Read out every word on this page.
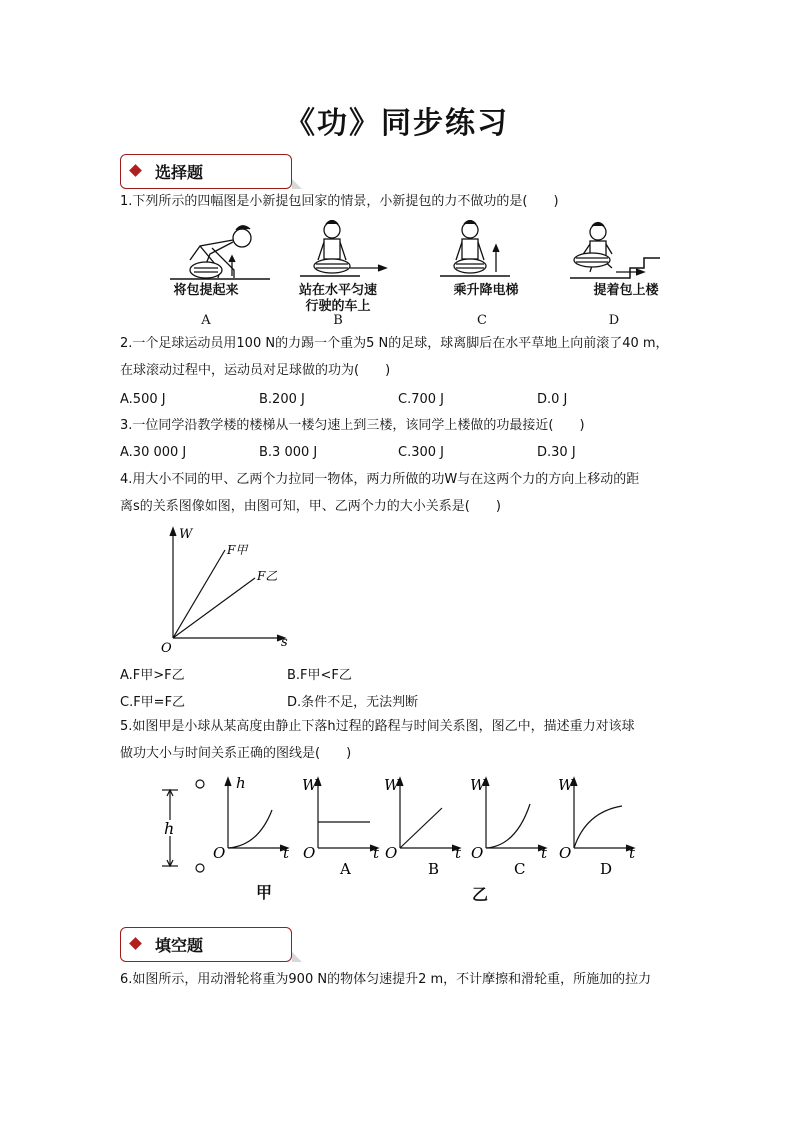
《功》同步练习
选择题
1.下列所示的四幅图是小新提包回家的情景，小新提包的力不做功的是(　　)
将包提起来	站在水平匀速
行驶的车上
乘升降电梯	提着包上楼
A	B	C	D
2.一个足球运动员用100 N的力踢一个重为5 N的足球，球离脚后在水平草地上向前滚了40 m，
在球滚动过程中，运动员对足球做的功为(　　)
A.500 J	B.200 J	C.700 J	D.0 J
3.一位同学沿教学楼的楼梯从一楼匀速上到三楼，该同学上楼做的功最接近(　　)
A.30 000 J	B.3 000 J	C.300 J	D.30 J
4.用大小不同的甲、乙两个力拉同一物体，两力所做的功W与在这两个力的方向上移动的距
离s的关系图像如图，由图可知，甲、乙两个力的大小关系是(　　)
W
s
O
F甲
F乙
A.F甲>F乙	B.F甲<F乙
C.F甲=F乙	D.条件不足，无法判断
5.如图甲是小球从某高度由静止下落h过程的路程与时间关系图，图乙中，描述重力对该球
做功大小与时间关系正确的图线是(　　)
h
O
h
t O
W
t O
W
t O
W
t O
W
t
A	B	C	D
甲	乙
填空题
6.如图所示，用动滑轮将重为900 N的物体匀速提升2 m，不计摩擦和滑轮重，所施加的拉力
